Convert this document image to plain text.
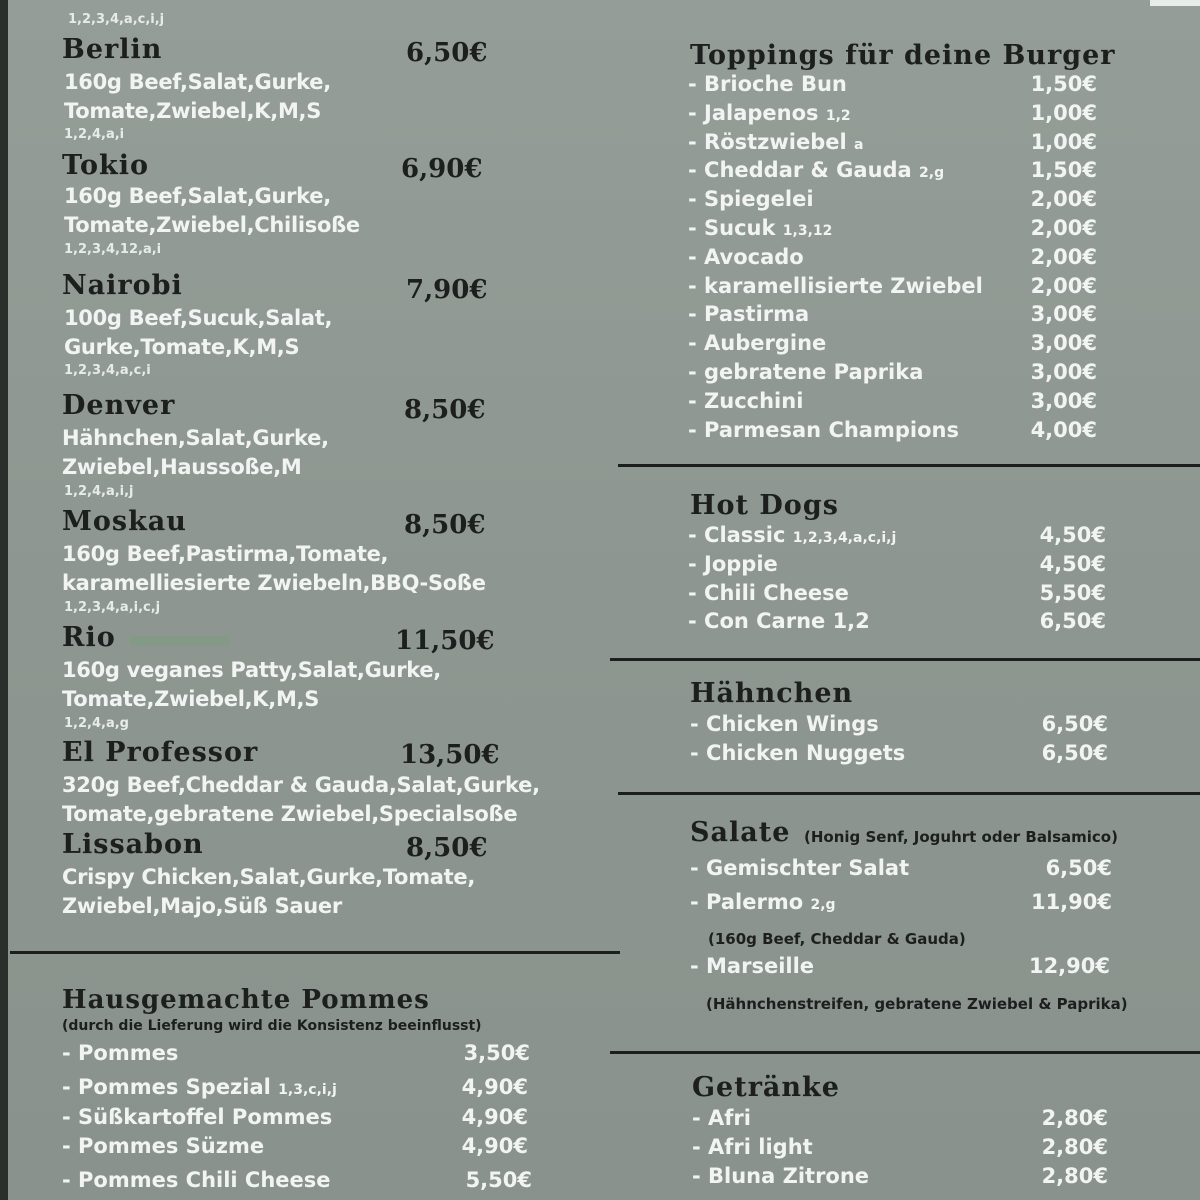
1,2,3,4,a,c,i,j
Berlin	6,50€
160g Beef,Salat,Gurke,
Tomate,Zwiebel,K,M,S
1,2,4,a,i
Tokio	6,90€
160g Beef,Salat,Gurke,
Tomate,Zwiebel,Chilisoße
1,2,3,4,12,a,i
Nairobi	7,90€
100g Beef,Sucuk,Salat,
Gurke,Tomate,K,M,S
1,2,3,4,a,c,i
Denver	8,50€
Hähnchen,Salat,Gurke,
Zwiebel,Haussoße,M
1,2,4,a,i,j
Moskau	8,50€
160g Beef,Pastirma,Tomate,
karamelliesierte Zwiebeln,BBQ-Soße
1,2,3,4,a,i,c,j
Rio	11,50€
160g veganes Patty,Salat,Gurke,
Tomate,Zwiebel,K,M,S
1,2,4,a,g
El Professor	13,50€
320g Beef,Cheddar & Gauda,Salat,Gurke,
Tomate,gebratene Zwiebel,Specialsoße
Lissabon	8,50€
Crispy Chicken,Salat,Gurke,Tomate,
Zwiebel,Majo,Süß Sauer
Hausgemachte Pommes
(durch die Lieferung wird die Konsistenz beeinflusst)
- Pommes	3,50€
- Pommes Spezial 1,3,c,i,j	4,90€
- Süßkartoffel Pommes	4,90€
- Pommes Süzme	4,90€
- Pommes Chili Cheese	5,50€
Toppings für deine Burger
- Brioche Bun	1,50€
- Jalapenos 1,2	1,00€
- Röstzwiebel a	1,00€
- Cheddar & Gauda 2,g	1,50€
- Spiegelei	2,00€
- Sucuk 1,3,12	2,00€
- Avocado	2,00€
- karamellisierte Zwiebel	2,00€
- Pastirma	3,00€
- Aubergine	3,00€
- gebratene Paprika	3,00€
- Zucchini	3,00€
- Parmesan Champions	4,00€
Hot Dogs
- Classic 1,2,3,4,a,c,i,j	4,50€
- Joppie	4,50€
- Chili Cheese	5,50€
- Con Carne 1,2	6,50€
Hähnchen
- Chicken Wings	6,50€
- Chicken Nuggets	6,50€
Salate (Honig Senf, Joguhrt oder Balsamico)
- Gemischter Salat	6,50€
- Palermo 2,g	11,90€
(160g Beef, Cheddar & Gauda)
- Marseille	12,90€
(Hähnchenstreifen, gebratene Zwiebel & Paprika)
Getränke
- Afri	2,80€
- Afri light	2,80€
- Bluna Zitrone	2,80€
